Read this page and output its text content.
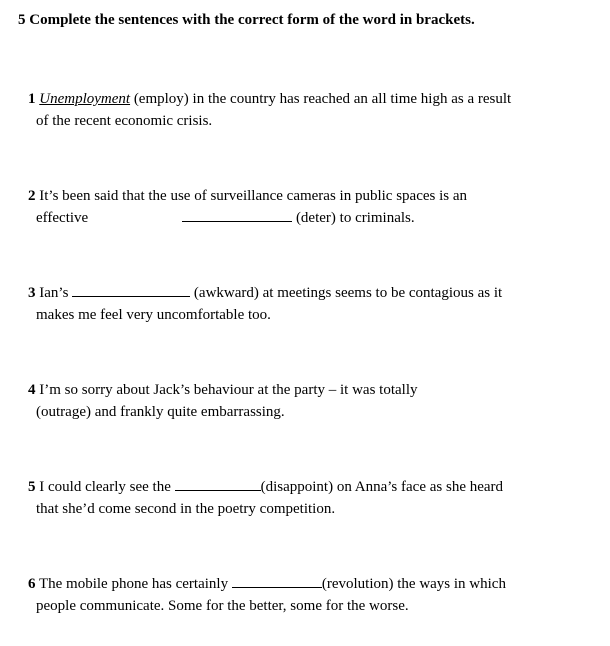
5 Complete the sentences with the correct form of the word in brackets.
1 Unemployment (employ) in the country has reached an all time high as a result
of the recent economic crisis.
2 It’s been said that the use of surveillance cameras in public spaces is an
effective	(deter) to criminals.
3 Ian’s	(awkward) at meetings seems to be contagious as it
makes me feel very uncomfortable too.
4 I’m so sorry about Jack’s behaviour at the party – it was totally
(outrage) and frankly quite embarrassing.
5 I could clearly see the	(disappoint) on Anna’s face as she heard
that she’d come second in the poetry competition.
6 The mobile phone has certainly	(revolution) the ways in which
people communicate. Some for the better, some for the worse.
